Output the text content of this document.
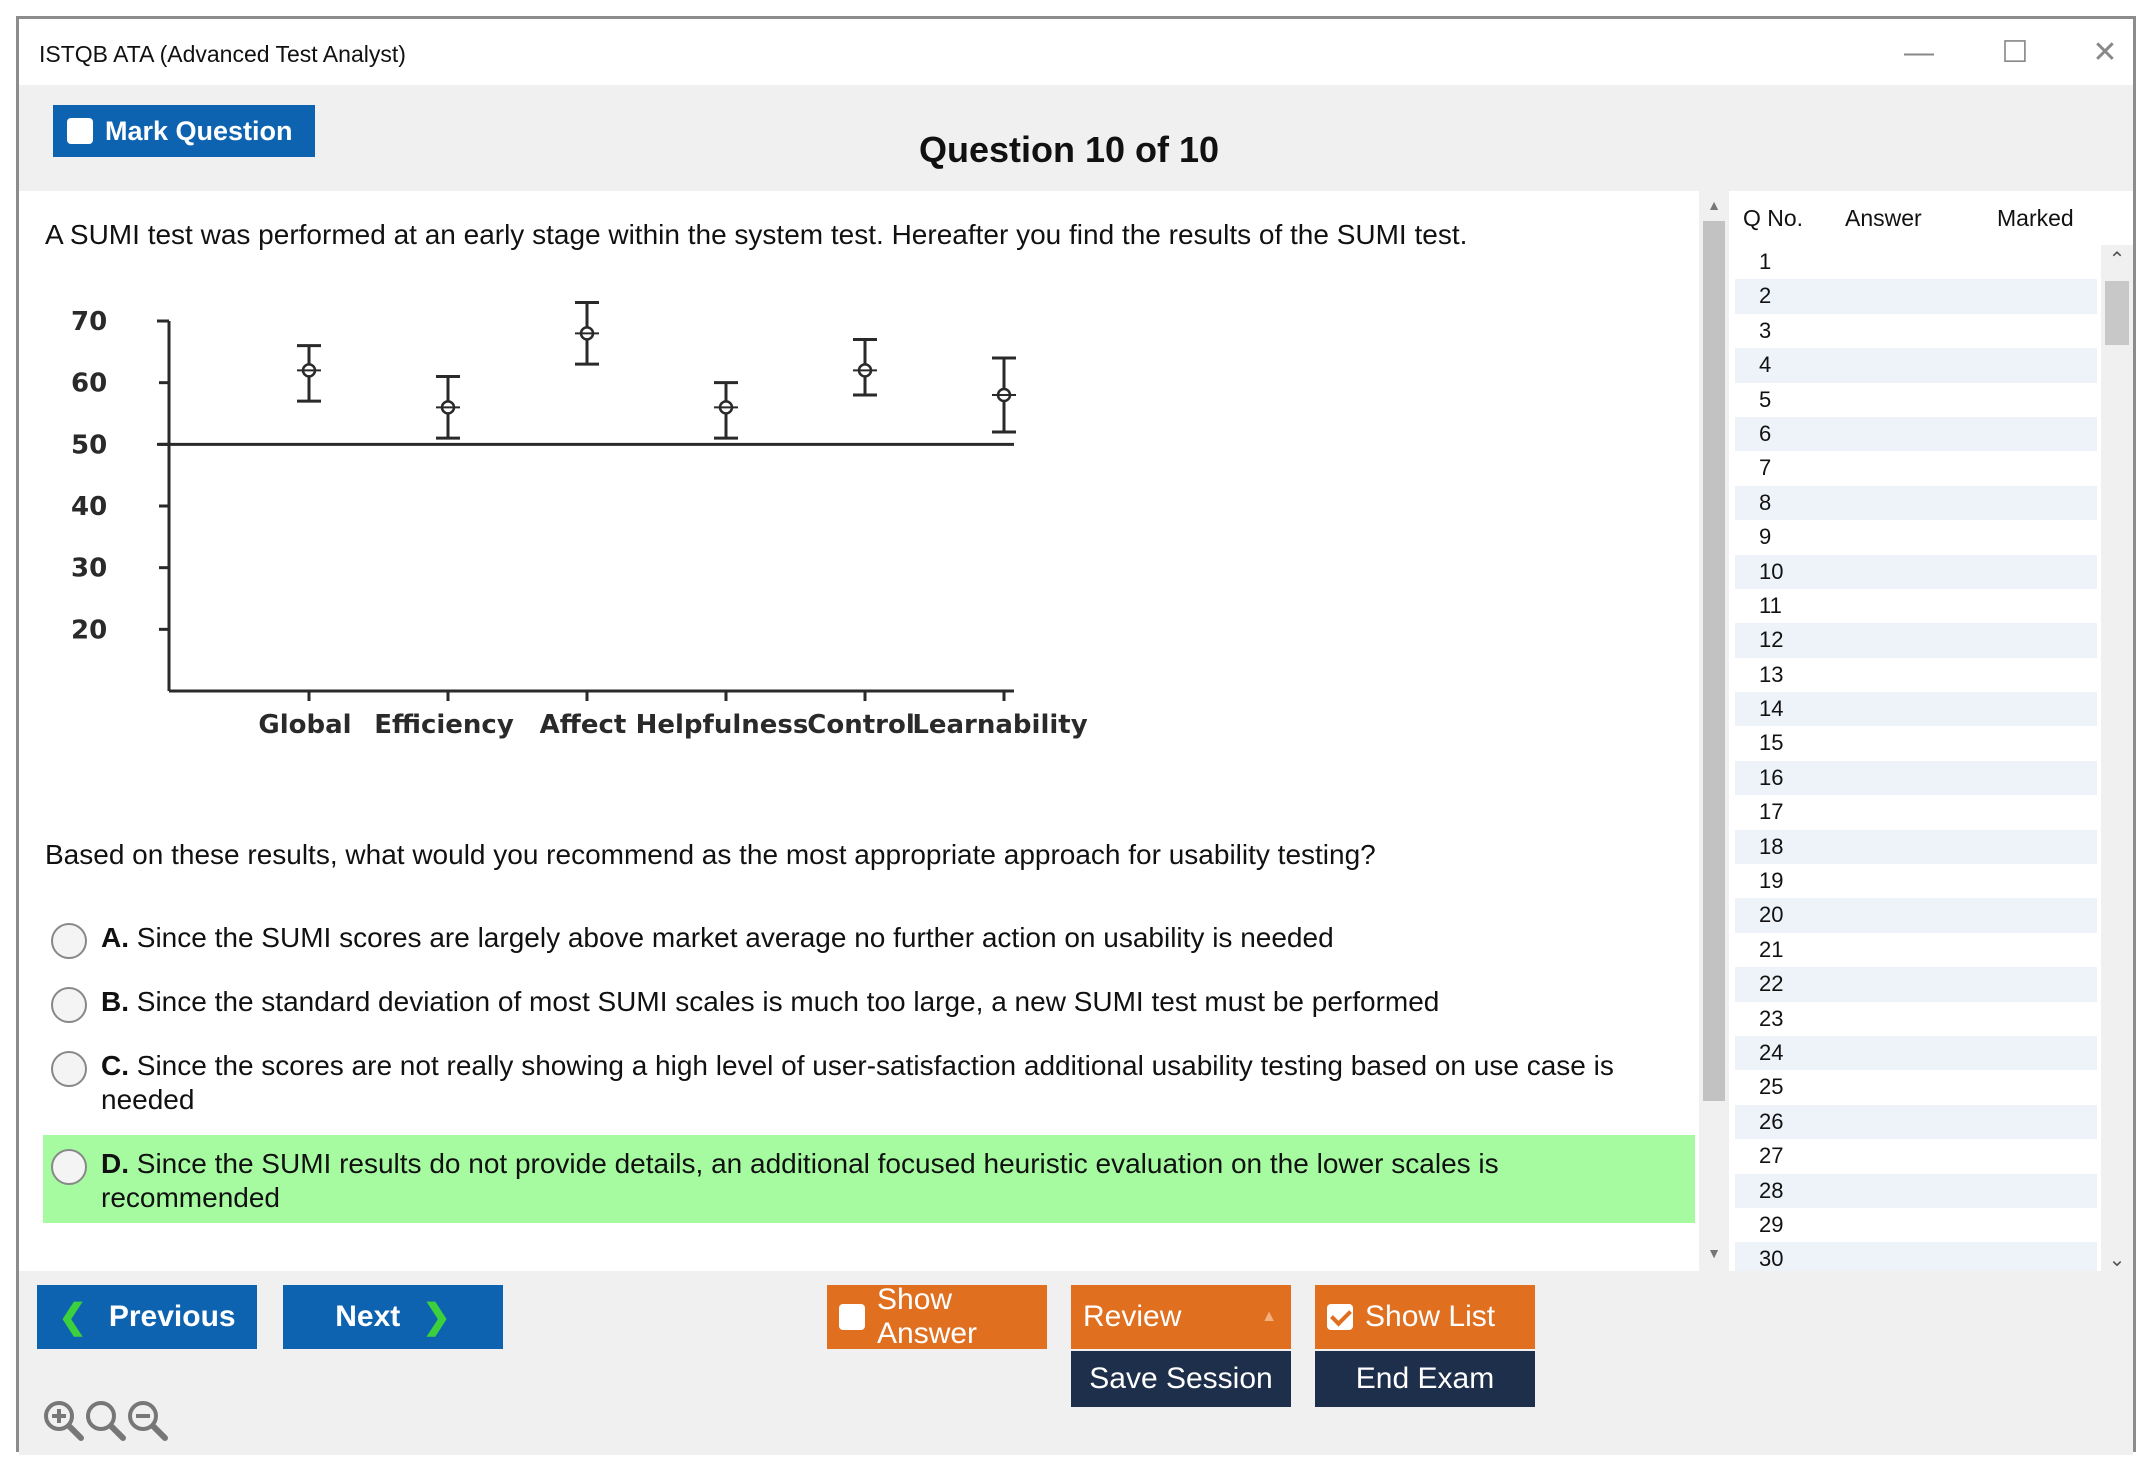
ISTQB ATA (Advanced Test Analyst)	—	☐	✕
Mark Question	Question 10 of 10
A SUMI test was performed at an early stage within the system test. Hereafter you find the results of the SUMI test.
70
60
50
40
30
20
Global Efficiency Affect Helpfulness
Control
Learnability
Based on these results, what would you recommend as the most appropriate approach for usability testing?
A. Since the SUMI scores are largely above market average no further action on usability is needed
B. Since the standard deviation of most SUMI scales is much too large, a new SUMI test must be performed
C. Since the scores are not really showing a high level of user-satisfaction additional usability testing based on use case is needed
D. Since the SUMI results do not provide details, an additional focused heuristic evaluation on the lower scales is recommended
▲
▼
Q No. Answer	Marked
1
2
3
4
5
6
7
8
9
10
11
12
13
14
15
16
17
18
19
20
21
22
23
24
25
26
27
28
29
30
⌃
⌄
❮ Previous	Next ❯	Show Answer
Review	▲	Show List
Save Session	End Exam
